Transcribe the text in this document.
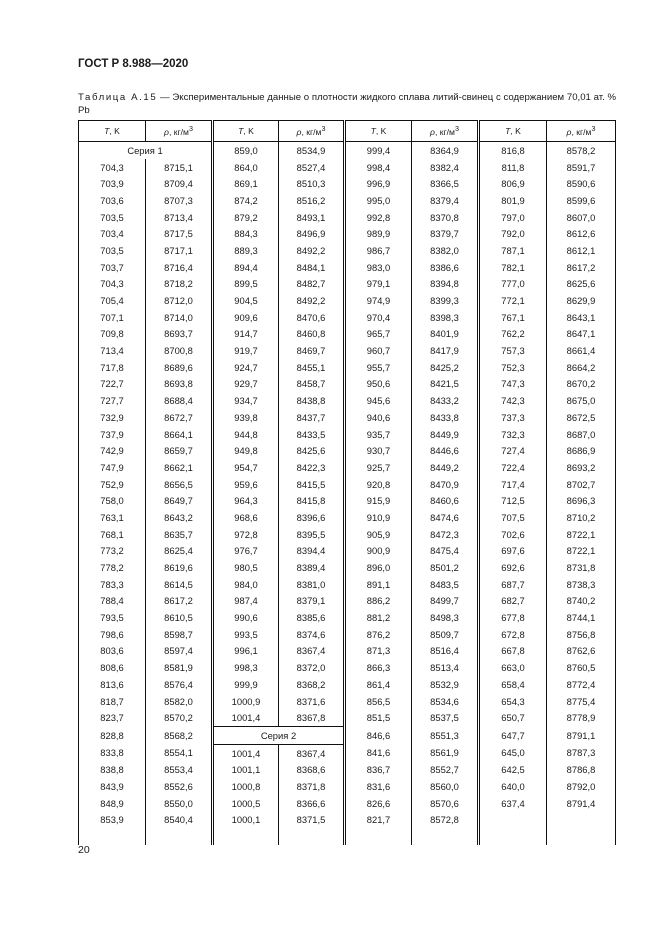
ГОСТ Р 8.988—2020
Таблица А.15 — Экспериментальные данные о плотности жидкого сплава литий-свинец с содержанием 70,01 ат. % Pb
T, K	ρ, $кг/м^3$	T, K	ρ, $кг/м^3$	T, K	ρ, $кг/м^3$	T, K	ρ, $кг/м^3$
Серия 1		859,0	8534,9	999,4	8364,9	816,8	8578,2
704,3	8715,1	864,0	8527,4	998,4	8382,4	811,8	8591,7
703,9	8709,4	869,1	8510,3	996,9	8366,5	806,9	8590,6
703,6	8707,3	874,2	8516,2	995,0	8379,4	801,9	8599,6
703,5	8713,4	879,2	8493,1	992,8	8370,8	797,0	8607,0
703,4	8717,5	884,3	8496,9	989,9	8379,7	792,0	8612,6
703,5	8717,1	889,3	8492,2	986,7	8382,0	787,1	8612,1
703,7	8716,4	894,4	8484,1	983,0	8386,6	782,1	8617,2
704,3	8718,2	899,5	8482,7	979,1	8394,8	777,0	8625,6
705,4	8712,0	904,5	8492,2	974,9	8399,3	772,1	8629,9
707,1	8714,0	909,6	8470,6	970,4	8398,3	767,1	8643,1
709,8	8693,7	914,7	8460,8	965,7	8401,9	762,2	8647,1
713,4	8700,8	919,7	8469,7	960,7	8417,9	757,3	8661,4
717,8	8689,6	924,7	8455,1	955,7	8425,2	752,3	8664,2
722,7	8693,8	929,7	8458,7	950,6	8421,5	747,3	8670,2
727,7	8688,4	934,7	8438,8	945,6	8433,2	742,3	8675,0
732,9	8672,7	939,8	8437,7	940,6	8433,8	737,3	8672,5
737,9	8664,1	944,8	8433,5	935,7	8449,9	732,3	8687,0
742,9	8659,7	949,8	8425,6	930,7	8446,6	727,4	8686,9
747,9	8662,1	954,7	8422,3	925,7	8449,2	722,4	8693,2
752,9	8656,5	959,6	8415,5	920,8	8470,9	717,4	8702,7
758,0	8649,7	964,3	8415,8	915,9	8460,6	712,5	8696,3
763,1	8643,2	968,6	8396,6	910,9	8474,6	707,5	8710,2
768,1	8635,7	972,8	8395,5	905,9	8472,3	702,6	8722,1
773,2	8625,4	976,7	8394,4	900,9	8475,4	697,6	8722,1
778,2	8619,6	980,5	8389,4	896,0	8501,2	692,6	8731,8
783,3	8614,5	984,0	8381,0	891,1	8483,5	687,7	8738,3
788,4	8617,2	987,4	8379,1	886,2	8499,7	682,7	8740,2
793,5	8610,5	990,6	8385,6	881,2	8498,3	677,8	8744,1
798,6	8598,7	993,5	8374,6	876,2	8509,7	672,8	8756,8
803,6	8597,4	996,1	8367,4	871,3	8516,4	667,8	8762,6
808,6	8581,9	998,3	8372,0	866,3	8513,4	663,0	8760,5
813,6	8576,4	999,9	8368,2	861,4	8532,9	658,4	8772,4
818,7	8582,0	1000,9	8371,6	856,5	8534,6	654,3	8775,4
823,7	8570,2	1001,4	8367,8	851,5	8537,5	650,7	8778,9
828,8	8568,2	Серия 2		846,6	8551,3	647,7	8791,1
833,8	8554,1	1001,4	8367,4	841,6	8561,9	645,0	8787,3
838,8	8553,4	1001,1	8368,6	836,7	8552,7	642,5	8786,8
843,9	8552,6	1000,8	8371,8	831,6	8560,0	640,0	8792,0
848,9	8550,0	1000,5	8366,6	826,6	8570,6	637,4	8791,4
853,9	8540,4	1000,1	8371,5	821,7	8572,8		

20
